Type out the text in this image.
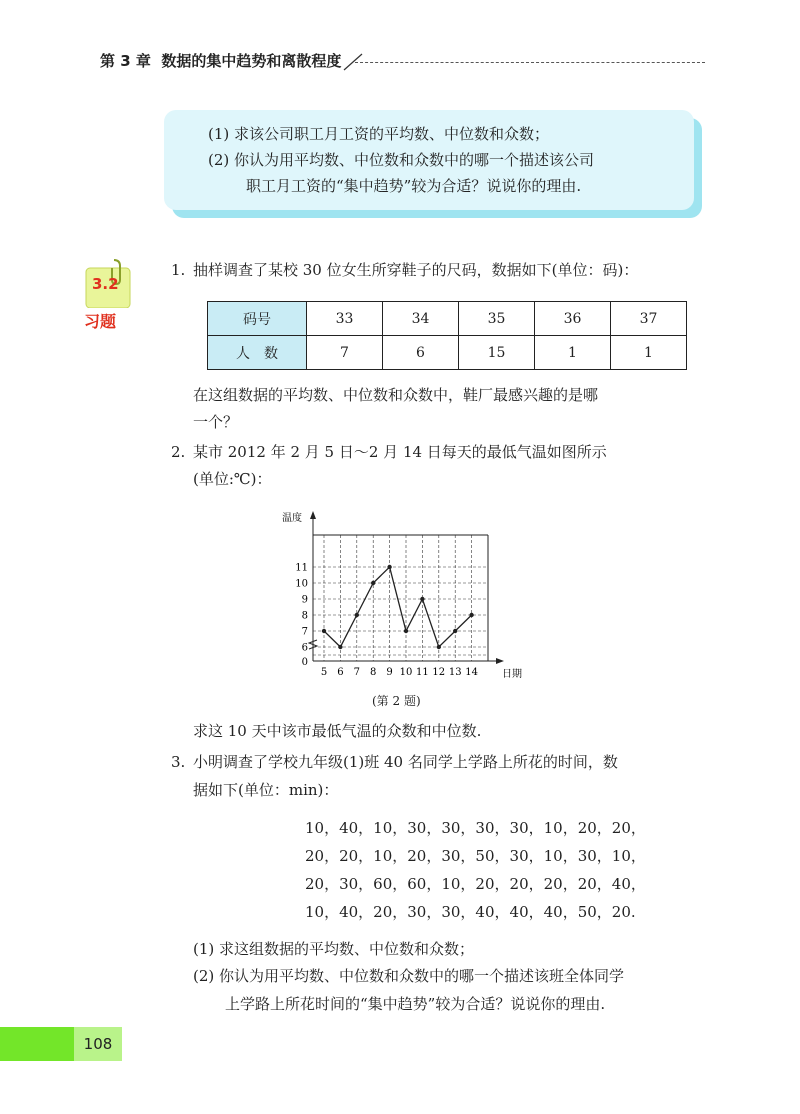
第 3 章 数据的集中趋势和离散程度

(1) 求该公司职工月工资的平均数、中位数和众数；

(2) 你认为用平均数、中位数和众数中的哪一个描述该公司

职工月工资的“集中趋势”较为合适？说说你的理由.

3.2
习题
1. 抽样调查了某校 30 位女生所穿鞋子的尺码，数据如下(单位：码)：
码号	33	34	35	36	37
人　数	7	6	15	1	1
在这组数据的平均数、中位数和众数中，鞋厂最感兴趣的是哪
一个？
2. 某市 2012 年 2 月 5 日～2 月 14 日每天的最低气温如图所示
(单位:℃)：
6
7
8
9
10
11
0
5 6 7 8 9 10 11 12 13 14
温度
日期
(第 2 题)
求这 10 天中该市最低气温的众数和中位数.
3. 小明调查了学校九年级(1)班 40 名同学上学路上所花的时间，数
据如下(单位：min)：
10，40，10，30，30，30，30，10，20，20，
20，20，10，20，30，50，30，10，30，10，
20，30，60，60，10，20，20，20，20，40，
10，40，20，30，30，40，40，40，50，20.
(1) 求这组数据的平均数、中位数和众数；
(2) 你认为用平均数、中位数和众数中的哪一个描述该班全体同学
上学路上所花时间的“集中趋势”较为合适？说说你的理由.
108
